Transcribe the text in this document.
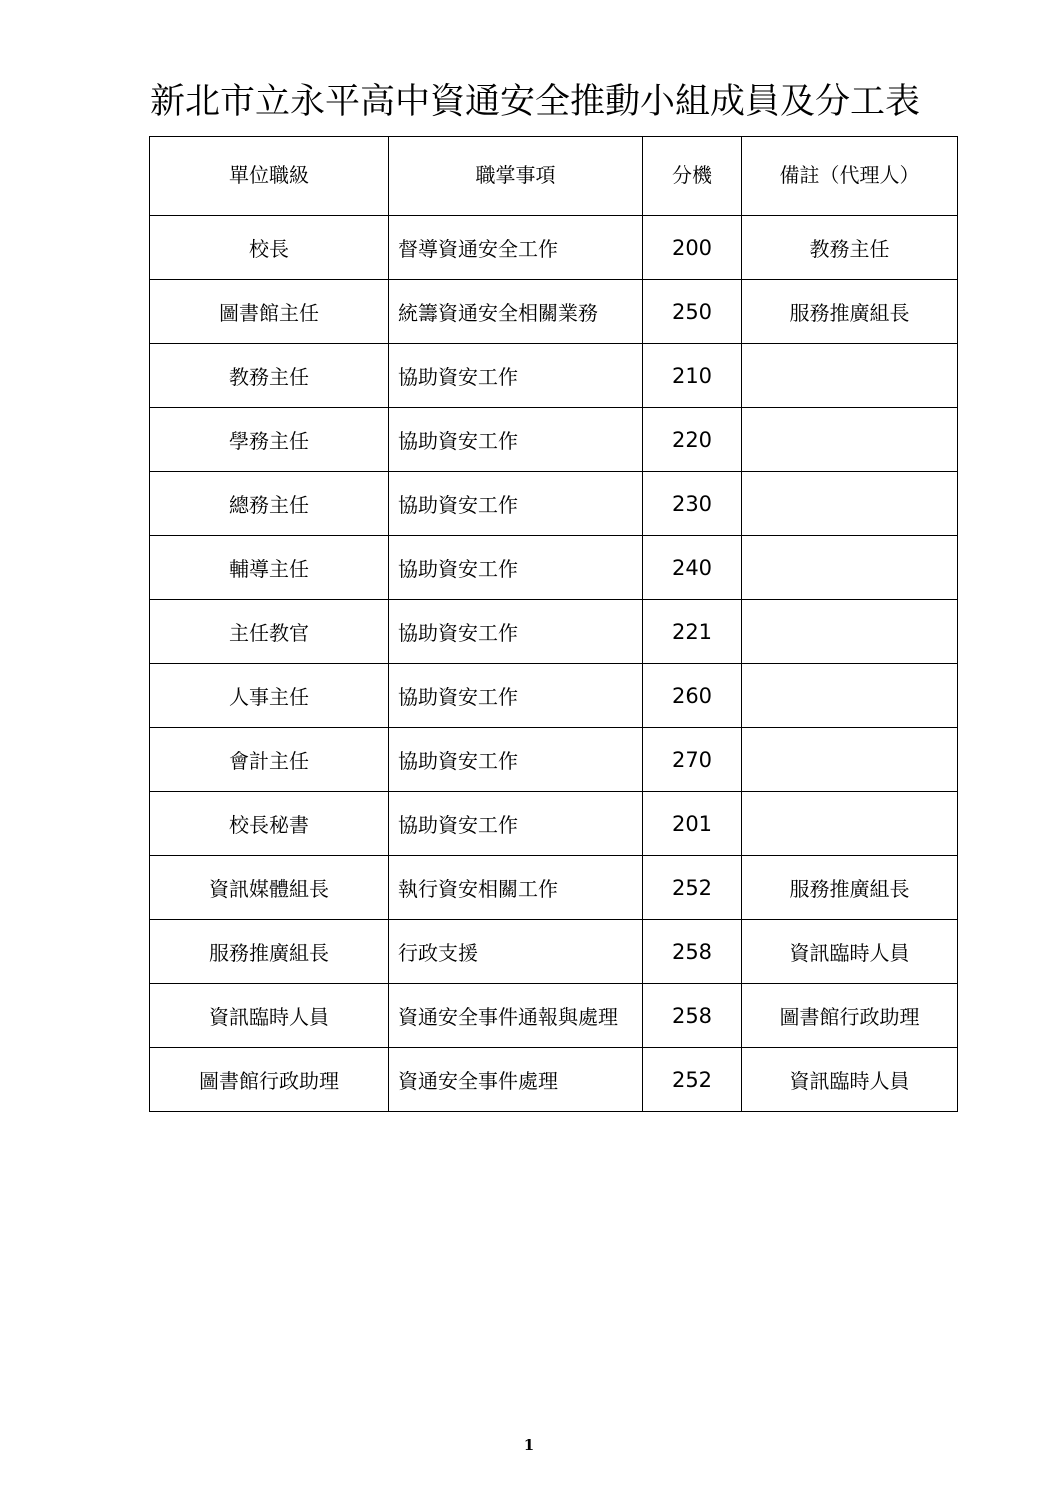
新北市立永平高中資通安全推動小組成員及分工表
單位職級	職掌事項	分機	備註（代理人）
校長	督導資通安全工作	200	教務主任
圖書館主任	統籌資通安全相關業務	250	服務推廣組長
教務主任	協助資安工作	210	
學務主任	協助資安工作	220	
總務主任	協助資安工作	230	
輔導主任	協助資安工作	240	
主任教官	協助資安工作	221	
人事主任	協助資安工作	260	
會計主任	協助資安工作	270	
校長秘書	協助資安工作	201	
資訊媒體組長	執行資安相關工作	252	服務推廣組長
服務推廣組長	行政支援	258	資訊臨時人員
資訊臨時人員	資通安全事件通報與處理	258	圖書館行政助理
圖書館行政助理	資通安全事件處理	252	資訊臨時人員
1
